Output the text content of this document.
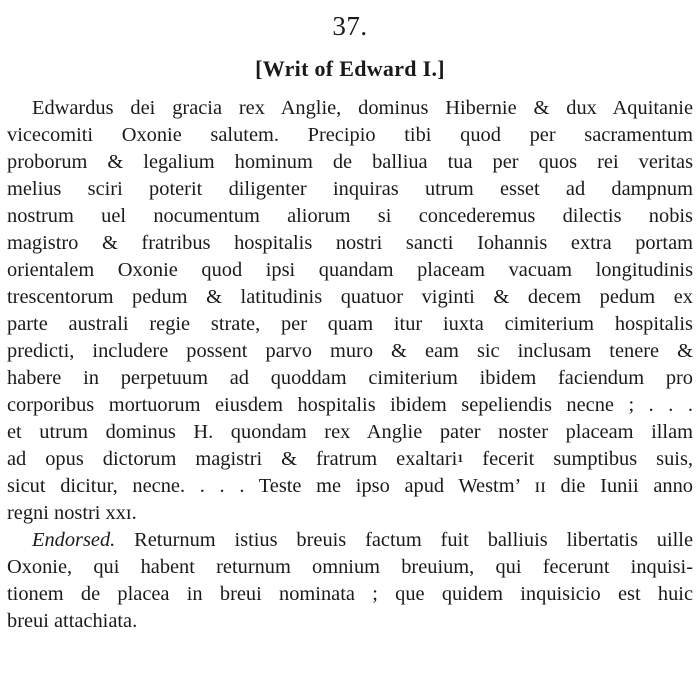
37.
[Writ of Edward I.]
Edwardus dei gracia rex Anglie, dominus Hibernie & dux Aquitanie
vicecomiti Oxonie salutem. Precipio tibi quod per sacramentum
proborum & legalium hominum de balliua tua per quos rei veritas
melius sciri poterit diligenter inquiras utrum esset ad dampnum
nostrum uel nocumentum aliorum si concederemus dilectis nobis
magistro & fratribus hospitalis nostri sancti Iohannis extra portam
orientalem Oxonie quod ipsi quandam placeam vacuam longitudinis
trescentorum pedum & latitudinis quatuor viginti & decem pedum ex
parte australi regie strate, per quam itur iuxta cimiterium hospitalis
predicti, includere possent parvo muro & eam sic inclusam tenere &
habere in perpetuum ad quoddam cimiterium ibidem faciendum pro
corporibus mortuorum eiusdem hospitalis ibidem sepeliendis necne ; . . .
et utrum dominus H. quondam rex Anglie pater noster placeam illam
ad opus dictorum magistri & fratrum exaltari$^1$ fecerit sumptibus suis,
sicut dicitur, necne. . . . Teste me ipso apud Westm’ ɪɪ die Iunii anno
regni nostri xxɪ.
Endorsed. Returnum istius breuis factum fuit balliuis libertatis uille
Oxonie, qui habent returnum omnium breuium, qui fecerunt inquisi-
tionem de placea in breui nominata ; que quidem inquisicio est huic
breui attachiata.
